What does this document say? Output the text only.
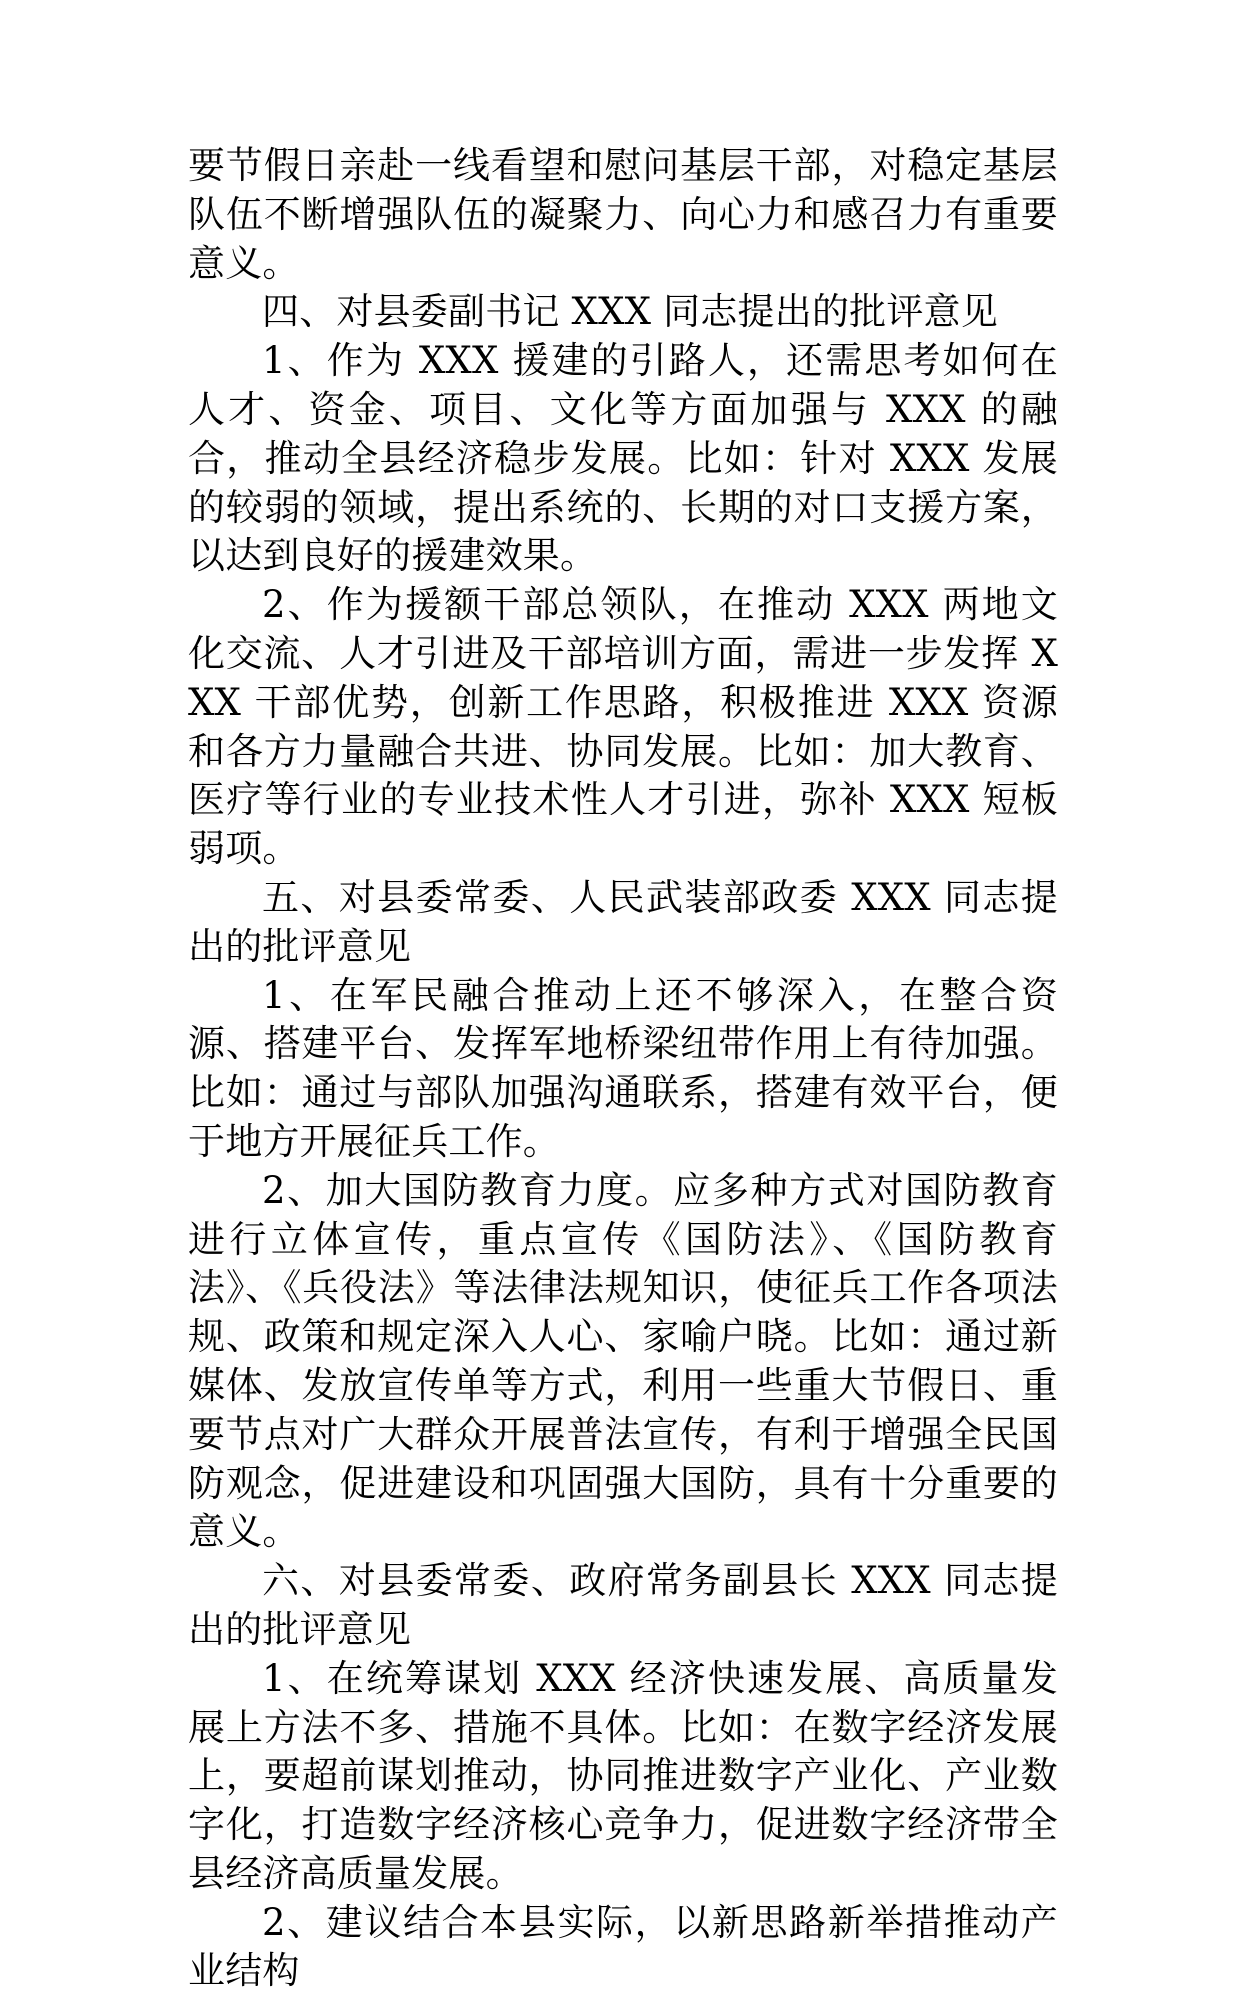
要节假日亲赴一线看望和慰问基层干部，对稳定基层队伍不断增强队伍的凝聚力、向心力和感召力有重要意义。

四、对县委副书记 XXX 同志提出的批评意见

1、作为 XXX 援建的引路人，还需思考如何在人才、资金、项目、文化等方面加强与 XXX 的融合，推动全县经济稳步发展。比如：针对 XXX 发展的较弱的领域，提出系统的、长期的对口支援方案，以达到良好的援建效果。

2、作为援额干部总领队，在推动 XXX 两地文化交流、人才引进及干部培训方面，需进一步发挥 XXX 干部优势，创新工作思路，积极推进 XXX 资源和各方力量融合共进、协同发展。比如：加大教育、医疗等行业的专业技术性人才引进，弥补 XXX 短板弱项。

五、对县委常委、人民武装部政委 XXX 同志提出的批评意见

1、在军民融合推动上还不够深入，在整合资源、搭建平台、发挥军地桥梁纽带作用上有待加强。比如：通过与部队加强沟通联系，搭建有效平台，便于地方开展征兵工作。

2、加大国防教育力度。应多种方式对国防教育进行立体宣传，重点宣传《国防法》、《国防教育法》、《兵役法》等法律法规知识，使征兵工作各项法规、政策和规定深入人心、家喻户晓。比如：通过新媒体、发放宣传单等方式，利用一些重大节假日、重要节点对广大群众开展普法宣传，有利于增强全民国防观念，促进建设和巩固强大国防，具有十分重要的意义。

六、对县委常委、政府常务副县长 XXX 同志提出的批评意见

1、在统筹谋划 XXX 经济快速发展、高质量发展上方法不多、措施不具体。比如：在数字经济发展上，要超前谋划推动，协同推进数字产业化、产业数字化，打造数字经济核心竞争力，促进数字经济带全县经济高质量发展。

2、建议结合本县实际，以新思路新举措推动产业结构
